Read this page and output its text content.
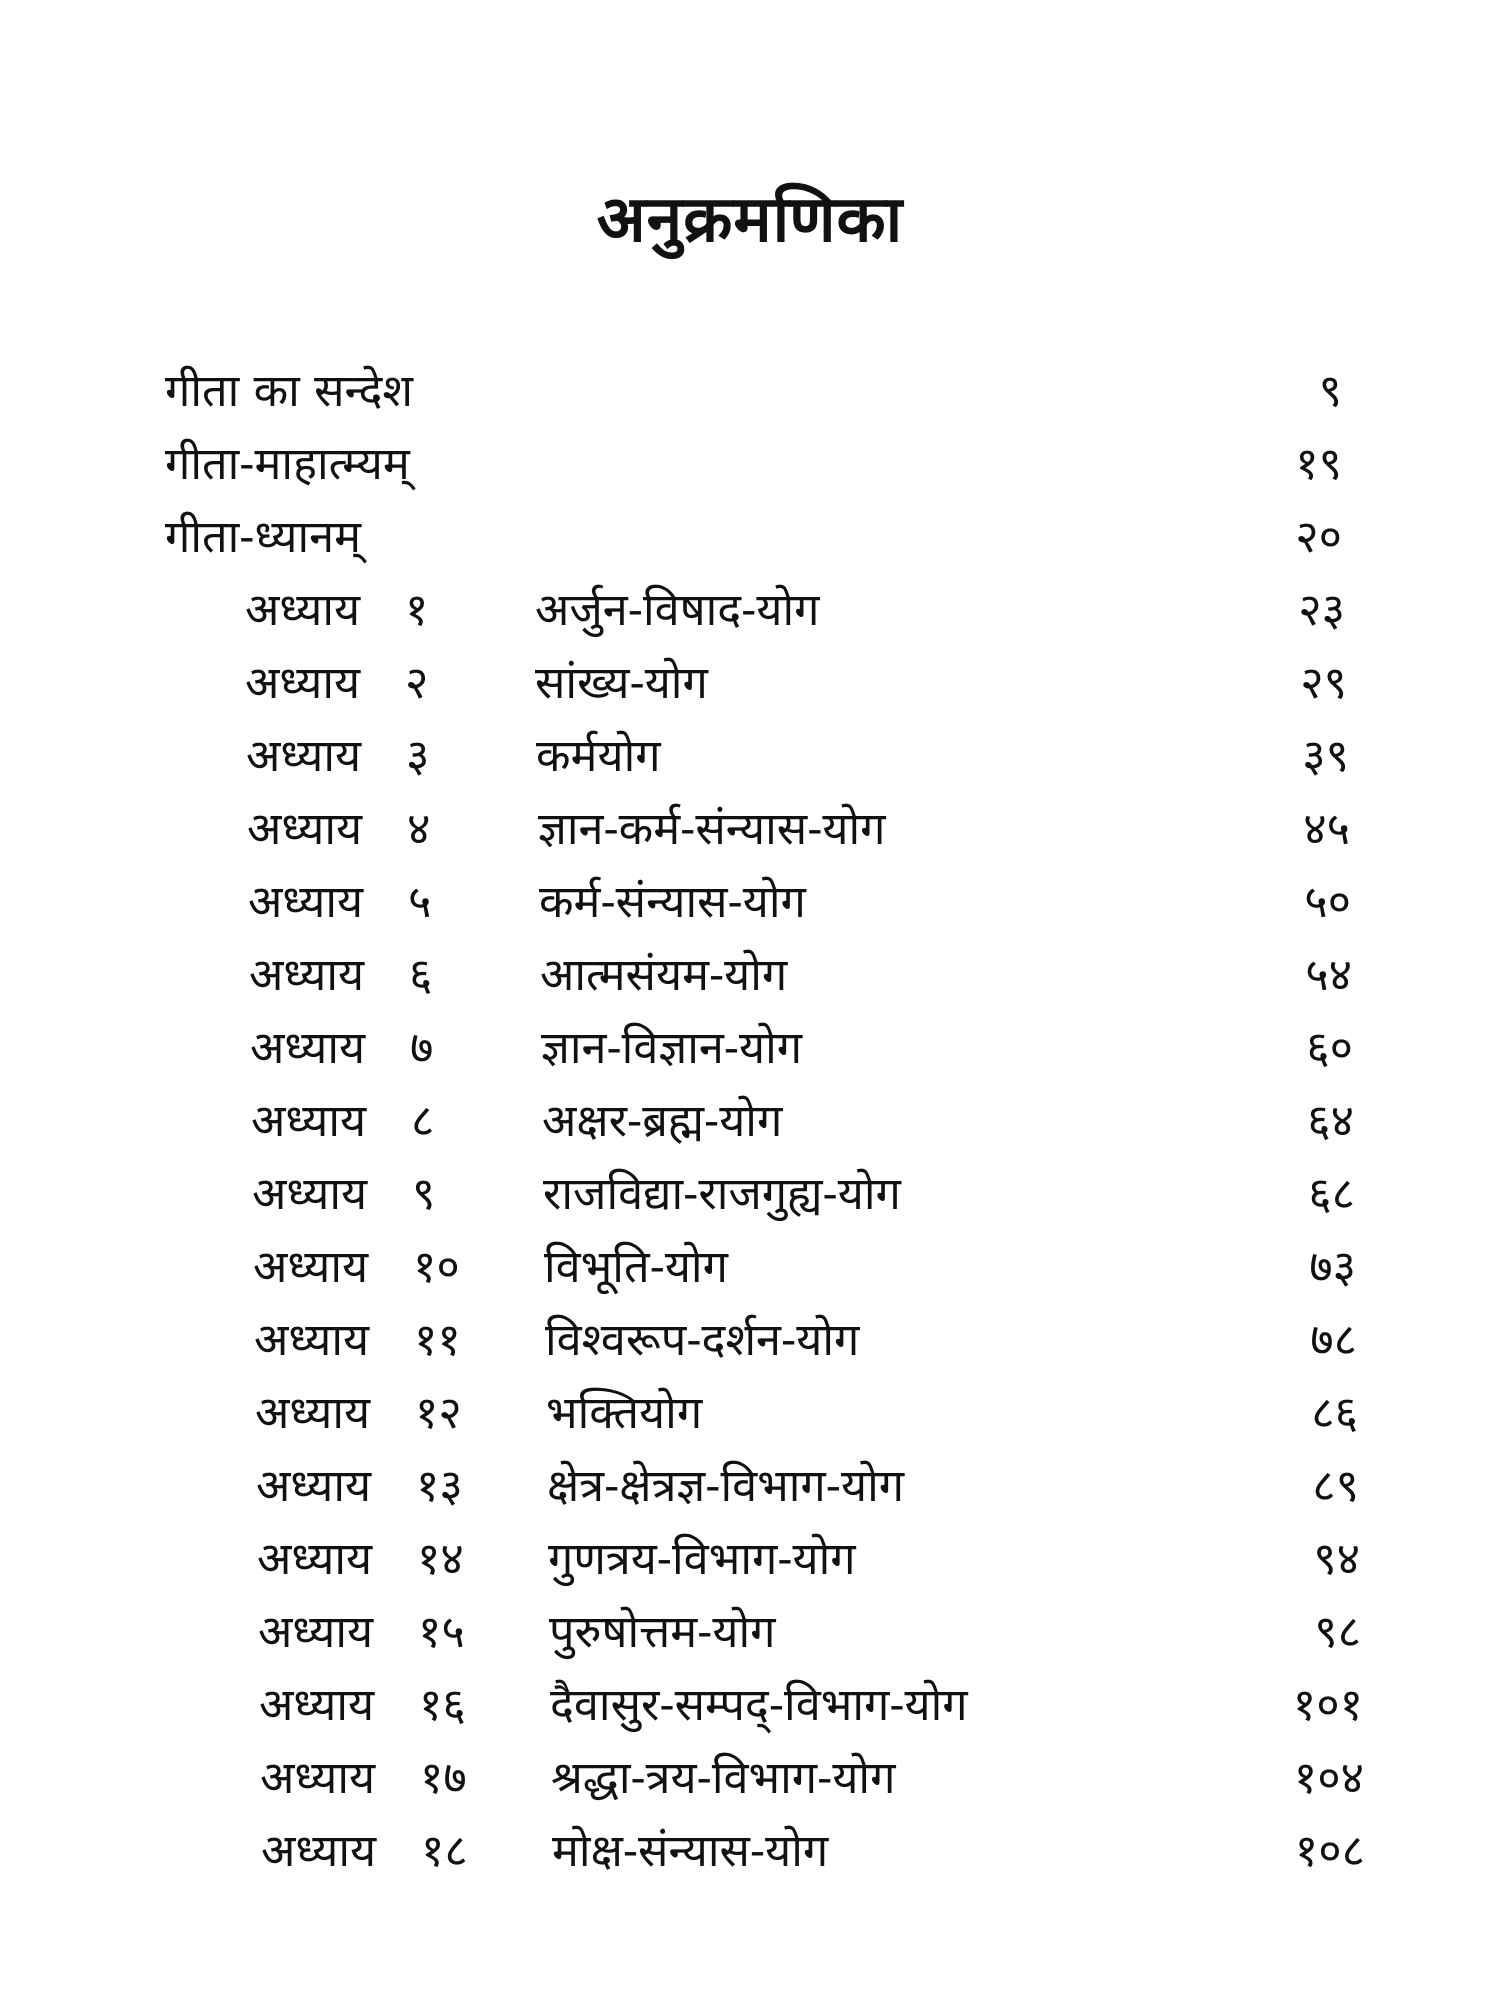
अनुक्रमणिका
गीता का सन्देश	९
गीता-माहात्म्यम्	१९
गीता-ध्यानम्	२०
अध्याय १ अर्जुन-विषाद-योग	२३
अध्याय २ सांख्य-योग	२९
अध्याय ३ कर्मयोग	३९
अध्याय ४ ज्ञान-कर्म-संन्यास-योग	४५
अध्याय ५ कर्म-संन्यास-योग	५०
अध्याय ६ आत्मसंयम-योग	५४
अध्याय ७ ज्ञान-विज्ञान-योग	६०
अध्याय ८ अक्षर-ब्रह्म-योग	६४
अध्याय ९ राजविद्या-राजगुह्य-योग	६८
अध्याय १० विभूति-योग	७३
अध्याय ११ विश्वरूप-दर्शन-योग	७८
अध्याय १२ भक्तियोग	८६
अध्याय १३ क्षेत्र-क्षेत्रज्ञ-विभाग-योग	८९
अध्याय १४ गुणत्रय-विभाग-योग	९४
अध्याय १५ पुरुषोत्तम-योग	९८
अध्याय १६ दैवासुर-सम्पद्-विभाग-योग	१०१
अध्याय १७ श्रद्धा-त्रय-विभाग-योग	१०४
अध्याय १८ मोक्ष-संन्यास-योग	१०८
